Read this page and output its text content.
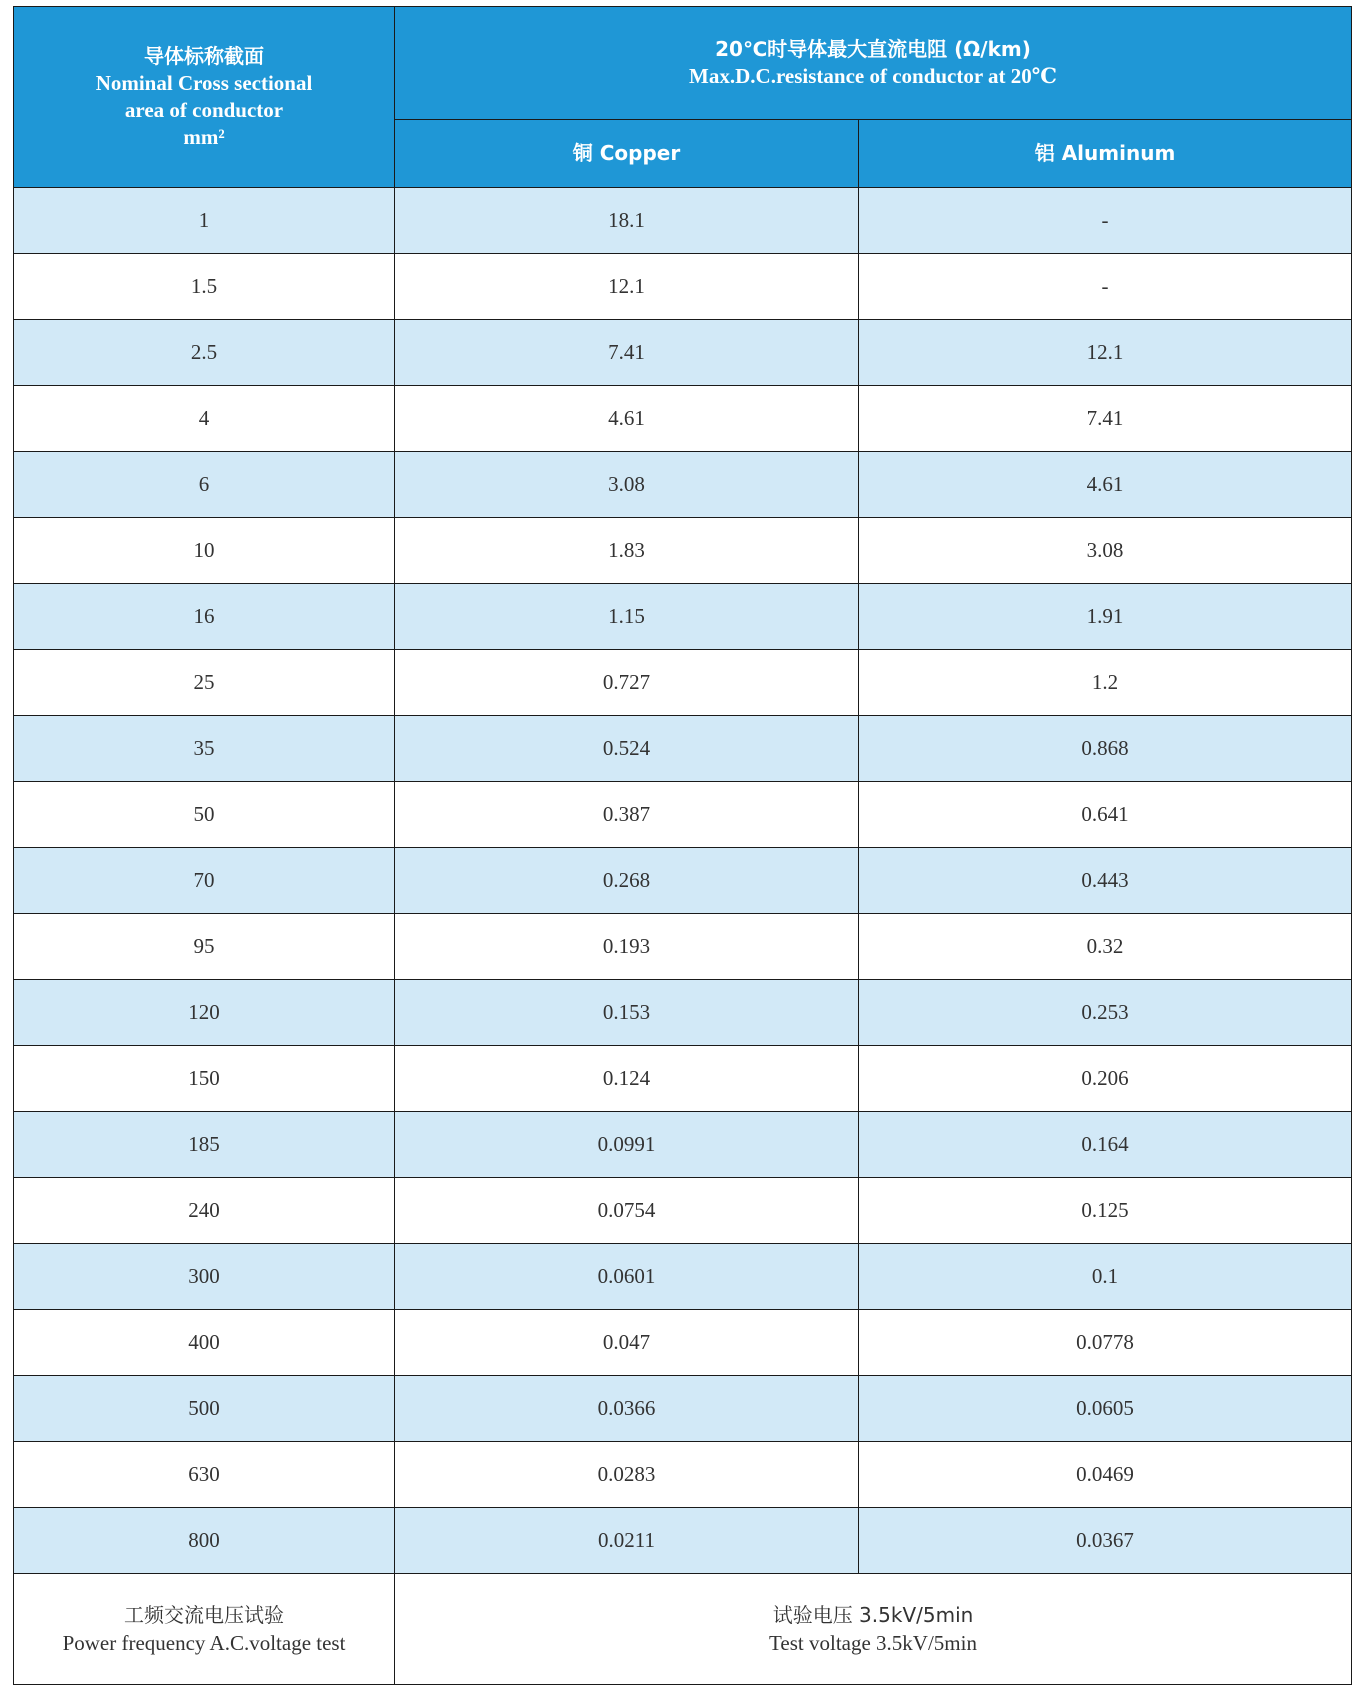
导体标称截面
Nominal Cross sectional
area of conductor
mm²	20℃时导体最大直流电阻 (Ω/km)
Max.D.C.resistance of conductor at 20℃	

	铜 Copper	铝 Aluminum
1	18.1	-
1.5	12.1	-
2.5	7.41	12.1
4	4.61	7.41
6	3.08	4.61
10	1.83	3.08
16	1.15	1.91
25	0.727	1.2
35	0.524	0.868
50	0.387	0.641
70	0.268	0.443
95	0.193	0.32
120	0.153	0.253
150	0.124	0.206
185	0.0991	0.164
240	0.0754	0.125
300	0.0601	0.1
400	0.047	0.0778
500	0.0366	0.0605
630	0.0283	0.0469
800	0.0211	0.0367

工频交流电压试验
Power frequency A.C.voltage test	试验电压 3.5kV/5min
Test voltage 3.5kV/5min	
